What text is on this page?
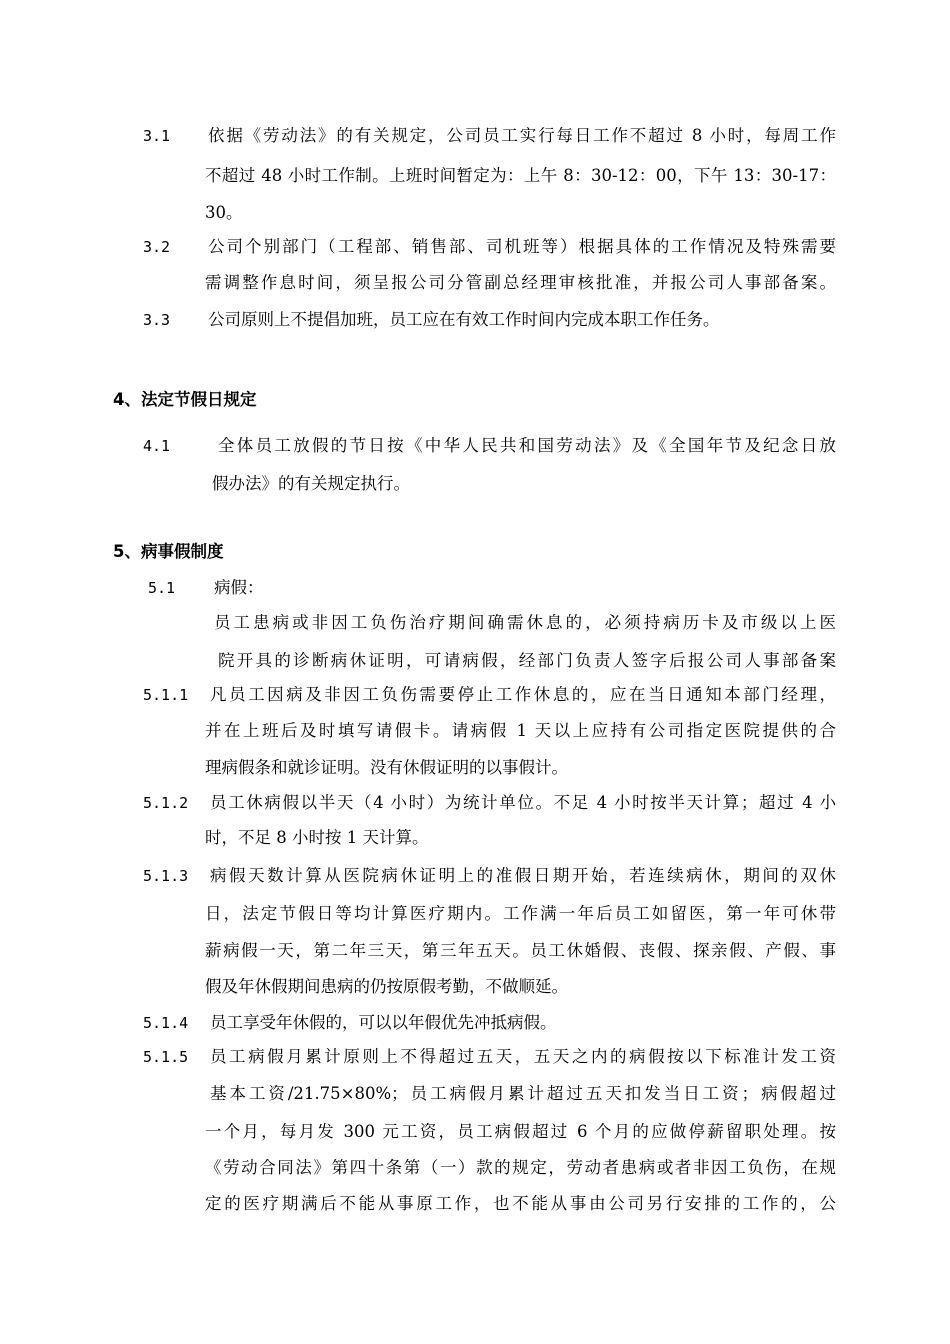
3.1 依据《劳动法》的有关规定，公司员工实行每日工作不超过 8 小时，每周工作
不超过 48 小时工作制。上班时间暂定为：上午 8：30-12：00，下午 13：30-17：
30。
3.2 公司个别部门（工程部、销售部、司机班等）根据具体的工作情况及特殊需要
需调整作息时间，须呈报公司分管副总经理审核批准，并报公司人事部备案。
3.3 公司原则上不提倡加班，员工应在有效工作时间内完成本职工作任务。
4、法定节假日规定
4.1	全体员工放假的节日按《中华人民共和国劳动法》及《全国年节及纪念日放
假办法》的有关规定执行。
5、病事假制度
5.1 病假：
员工患病或非因工负伤治疗期间确需休息的，必须持病历卡及市级以上医
院开具的诊断病休证明，可请病假，经部门负责人签字后报公司人事部备案
5.1.1 凡员工因病及非因工负伤需要停止工作休息的，应在当日通知本部门经理，
并在上班后及时填写请假卡。请病假 1 天以上应持有公司指定医院提供的合
理病假条和就诊证明。没有休假证明的以事假计。
5.1.2 员工休病假以半天（4 小时）为统计单位。不足 4 小时按半天计算；超过 4 小
时，不足 8 小时按 1 天计算。
5.1.3 病假天数计算从医院病休证明上的准假日期开始，若连续病休，期间的双休
日，法定节假日等均计算医疗期内。工作满一年后员工如留医，第一年可休带
薪病假一天，第二年三天，第三年五天。员工休婚假、丧假、探亲假、产假、事
假及年休假期间患病的仍按原假考勤，不做顺延。
5.1.4 员工享受年休假的，可以以年假优先冲抵病假。
5.1.5 员工病假月累计原则上不得超过五天，五天之内的病假按以下标准计发工资
基本工资/21.75×80%；员工病假月累计超过五天扣发当日工资；病假超过
一个月，每月发 300 元工资，员工病假超过 6 个月的应做停薪留职处理。按
《劳动合同法》第四十条第（一）款的规定，劳动者患病或者非因工负伤，在规
定的医疗期满后不能从事原工作，也不能从事由公司另行安排的工作的，公
